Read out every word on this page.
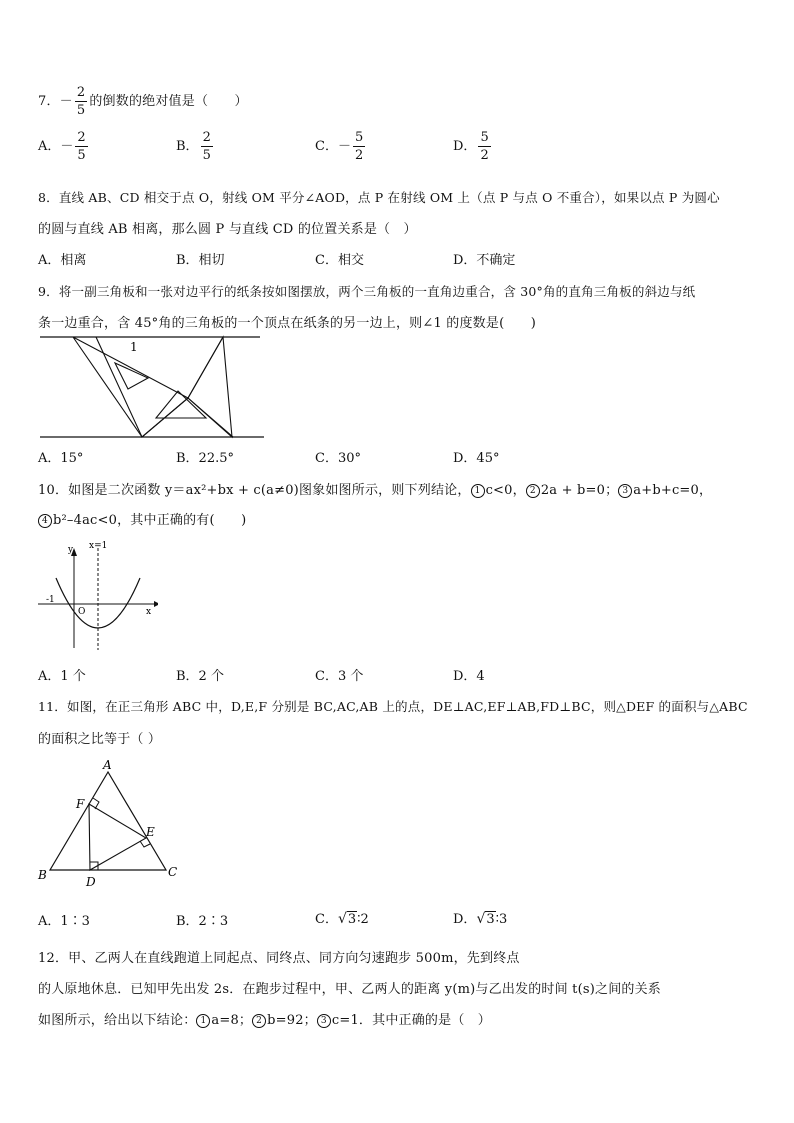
7．－ $\frac{2}{5}$ 的倒数的绝对值是（　　）
A．－ $\frac{2}{5}$	B． $\frac{2}{5}$	C．－ $\frac{5}{2}$	D． $\frac{5}{2}$
8．直线 AB、CD 相交于点 O，射线 OM 平分∠AOD，点 P 在射线 OM 上（点 P 与点 O 不重合），如果以点 P 为圆心
的圆与直线 AB 相离，那么圆 P 与直线 CD 的位置关系是（　）
A．相离	B．相切	C．相交	D．不确定
9．将一副三角板和一张对边平行的纸条按如图摆放，两个三角板的一直角边重合，含 30°角的直角三角板的斜边与纸
条一边重合，含 45°角的三角板的一个顶点在纸条的另一边上，则∠1 的度数是(　　)
1
A．15°	B．22.5°	C．30°	D．45°
10．如图是二次函数 y＝ax²+bx + c(a≠0)图象如图所示，则下列结论， 1 c<0， 2 2a + b=0； 3 a+b+c=0，
4 b²–4ac<0，其中正确的有(　　)
y
x
x=1
-1
O
A．1 个	B．2 个	C．3 个	D．4
11．如图，在正三角形 ABC 中，D,E,F 分别是 BC,AC,AB 上的点，DE⊥AC,EF⊥AB,FD⊥BC，则△DEF 的面积与△ABC
的面积之比等于（ ）
A
B	C
D
E
F
A．1∶3	B．2∶3	C．√3∶2	D．√3∶3
12．甲、乙两人在直线跑道上同起点、同终点、同方向匀速跑步 500m，先到终点
的人原地休息．已知甲先出发 2s．在跑步过程中，甲、乙两人的距离 y(m)与乙出发的时间 t(s)之间的关系
如图所示，给出以下结论： 1 a=8； 2 b=92； 3 c=1．其中正确的是（　）
